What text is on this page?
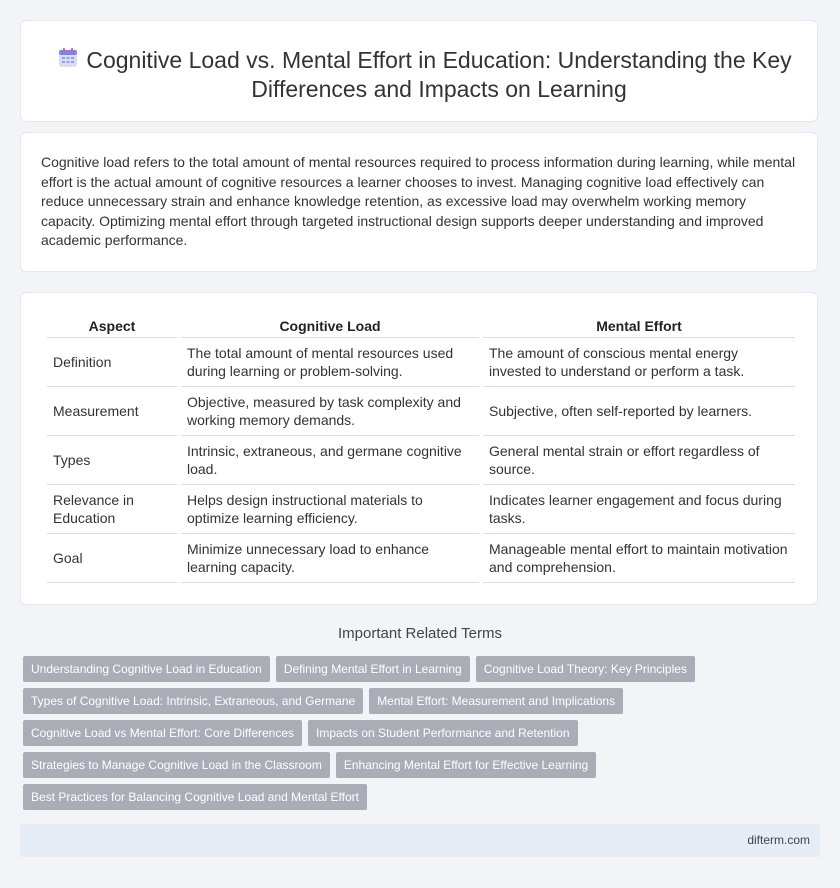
Cognitive Load vs. Mental Effort in Education: Understanding the Key Differences and Impacts on Learning

Cognitive load refers to the total amount of mental resources required to process information during learning, while mental effort is the actual amount of cognitive resources a learner chooses to invest. Managing cognitive load effectively can reduce unnecessary strain and enhance knowledge retention, as excessive load may overwhelm working memory capacity. Optimizing mental effort through targeted instructional design supports deeper understanding and improved academic performance.

Aspect	Cognitive Load	Mental Effort
Definition	The total amount of mental resources used during learning or problem-solving.	The amount of conscious mental energy invested to understand or perform a task.
Measurement	Objective, measured by task complexity and working memory demands.	Subjective, often self-reported by learners.
Types	Intrinsic, extraneous, and germane cognitive load.	General mental strain or effort regardless of source.
Relevance in Education	Helps design instructional materials to optimize learning efficiency.	Indicates learner engagement and focus during tasks.
Goal	Minimize unnecessary load to enhance learning capacity.	Manageable mental effort to maintain motivation and comprehension.
Important Related Terms
Understanding Cognitive Load in Education	Defining Mental Effort in Learning	Cognitive Load Theory: Key Principles
Types of Cognitive Load: Intrinsic, Extraneous, and Germane	Mental Effort: Measurement and Implications
Cognitive Load vs Mental Effort: Core Differences	Impacts on Student Performance and Retention
Strategies to Manage Cognitive Load in the Classroom	Enhancing Mental Effort for Effective Learning
Best Practices for Balancing Cognitive Load and Mental Effort
difterm.com
